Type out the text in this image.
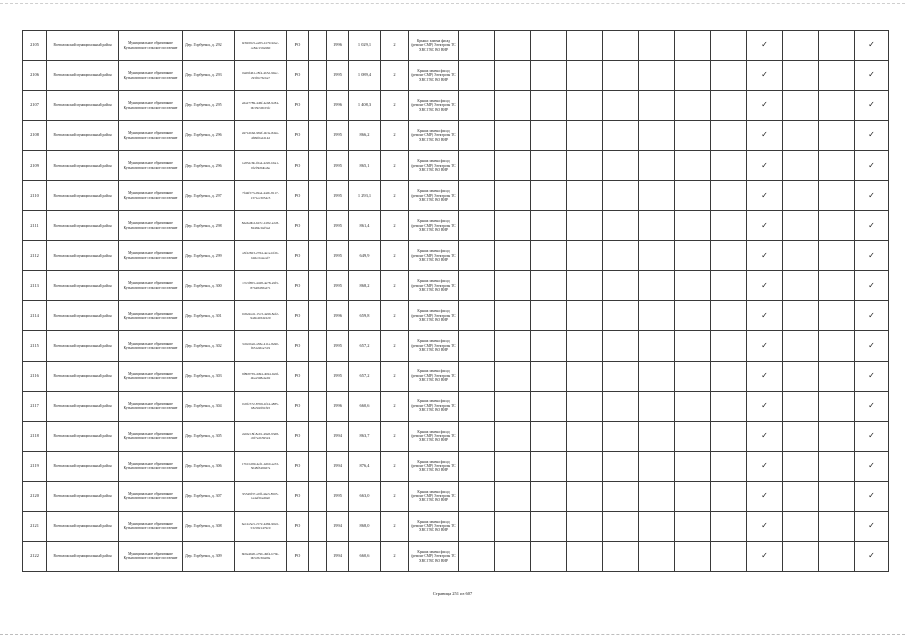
2105	Всеволожский муниципальный район	Муниципальное образование Кузьмоловское сельское поселение	Дер. Горбунки, д. 292	0c8459c5-ea83-4179-92ec-ce84c159e960	РО		1996	1 029,1	2	Крыша: замена фасад (ремонт СМР) Электроэн ТС ХВС ГВС ВО ВНР									✓			✓
2106	Всеволожский муниципальный район	Муниципальное образование Кузьмоловское сельское поселение	Дер. Горбунки, д. 293	0a69f461-c8f4-4b52-90ec-c93f9c76cbe7	РО		1995	1 089,4	2	Крыша замена фасад (ремонт СМР) Электроэн ТС ХВС ГВС ВО ВНР									✓			✓
2107	Всеволожский муниципальный район	Муниципальное образование Кузьмоловское сельское поселение	Дер. Горбунки, д. 295	e6a27789-4d6f-4eb8-9c84-0b35b59b33fc	РО		1996	1 408,3	2	Крыша замена фасад (ремонт СМР) Электроэн ТС ХВС ГВС ВО ВНР									✓			✓
2108	Всеволожский муниципальный район	Муниципальное образование Кузьмоловское сельское поселение	Дер. Горбунки, д. 296	a971db6d-982f-4b3e-8d2e-4f99f0a2d14d	РО		1995	866,2	2	Крыша замена фасад (ремонт СМР) Электроэн ТС ХВС ГВС ВО ВНР									✓			✓
2109	Всеволожский муниципальный район	Муниципальное образование Кузьмоловское сельское поселение	Дер. Горбунки, д. 296	1e852c6b-f6a4-4220-b6a1-0f2f3b84ba6a	РО		1995	865,1	2	Крыша замена фасад (ремонт СМР) Электроэн ТС ХВС ГВС ВО ВНР									✓			✓
2110	Всеволожский муниципальный район	Муниципальное образование Кузьмоловское сельское поселение	Дер. Горбунки, д. 297	7fd4f573-d9a4-4a0b-8117-1371ec3054c3	РО		1995	1 293,1	2	Крыша замена фасад (ремонт СМР) Электроэн ТС ХВС ГВС ВО ВНР									✓			✓
2111	Всеволожский муниципальный район	Муниципальное образование Кузьмоловское сельское поселение	Дер. Горбунки, д. 298	8de6a9bd-647c-4182-a2c8-82484c0af5ad	РО		1995	861,4	2	Крыша замена фасад (ремонт СМР) Электроэн ТС ХВС ГВС ВО ВНР									✓			✓
2112	Всеволожский муниципальный район	Муниципальное образование Кузьмоловское сельское поселение	Дер. Горбунки, д. 299	a3f22823-2764-4e1e-bf2b-b46ccb4acef7	РО		1995	649,9	2	Крыша замена фасад (ремонт СМР) Электроэн ТС ХВС ГВС ВО ВНР									✓			✓
2113	Всеволожский муниципальный район	Муниципальное образование Кузьмоловское сельское поселение	Дер. Горбунки, д. 300	17e3f855-4d28-4e78-a9f3-87b48d38a271	РО		1995	868,2	2	Крыша замена фасад (ремонт СМР) Электроэн ТС ХВС ГВС ВО ВНР									✓			✓
2114	Всеволожский муниципальный район	Муниципальное образование Кузьмоловское сельское поселение	Дер. Горбунки, д. 301	0d5e9ad1-15c3-4a96-8ef2-9a6b403d2220	РО		1996	659,8	2	Крыша замена фасад (ремонт СМР) Электроэн ТС ХВС ГВС ВО ВНР									✓			✓
2115	Всеволожский муниципальный район	Муниципальное образование Кузьмоловское сельское поселение	Дер. Горбунки, д. 302	3c6a5be6-a38e-411e-8e90-f651e9bac519	РО		1995	657,2	2	Крыша замена фасад (ремонт СМР) Электроэн ТС ХВС ГВС ВО ВНР									✓			✓
2116	Всеволожский муниципальный район	Муниципальное образование Кузьмоловское сельское поселение	Дер. Горбунки, д. 303	9f8b8739-dd94-4b94-9a9f-4bea598e4e92	РО		1995	657,2	2	Крыша замена фасад (ремонт СМР) Электроэн ТС ХВС ГВС ВО ВНР									✓			✓
2117	Всеволожский муниципальный район	Муниципальное образование Кузьмоловское сельское поселение	Дер. Горбунки, д. 304	0c0fc572-8769-4f14-a885-b8a5b0f91f93	РО		1996	660,6	2	Крыша замена фасад (ремонт СМР) Электроэн ТС ХВС ГВС ВО ВНР									✓			✓
2118	Всеволожский муниципальный район	Муниципальное образование Кузьмоловское сельское поселение	Дер. Горбунки, д. 305	2a6bc18f-8e91-49e8-93d8-c6f7e2b59524	РО		1994	863,7	2	Крыша замена фасад (ремонт СМР) Электроэн ТС ХВС ГВС ВО ВНР									✓			✓
2119	Всеволожский муниципальный район	Муниципальное образование Кузьмоловское сельское поселение	Дер. Горбунки, д. 306	17b1b299-4ef1-4db0-ae53-5048f3490d7a	РО		1994	876,4	2	Крыша замена фасад (ремонт СМР) Электроэн ТС ХВС ГВС ВО ВНР									✓			✓
2120	Всеволожский муниципальный район	Муниципальное образование Кузьмоловское сельское поселение	Дер. Горбунки, д. 307	95349f37-a0ff-44e3-8503-1e4ef5bed6a0	РО		1995	663,0	2	Крыша замена фасад (ремонт СМР) Электроэн ТС ХВС ГВС ВО ВНР									✓			✓
2121	Всеволожский муниципальный район	Муниципальное образование Кузьмоловское сельское поселение	Дер. Горбунки, д. 308	6e12a5e3-c572-4d84-96a5-53c5821479c0	РО		1994	868,0	2	Крыша замена фасад (ремонт СМР) Электроэн ТС ХВС ГВС ВО ВНР									✓			✓
2122	Всеволожский муниципальный район	Муниципальное образование Кузьмоловское сельское поселение	Дер. Горбунки, д. 309	6b9e4620-a79b-49f4-b7bb-0b5c8c36a08a	РО		1994	660,6	2	Крыша замена фасад (ремонт СМР) Электроэн ТС ХВС ГВС ВО ВНР									✓			✓
Страница 251 из 607
